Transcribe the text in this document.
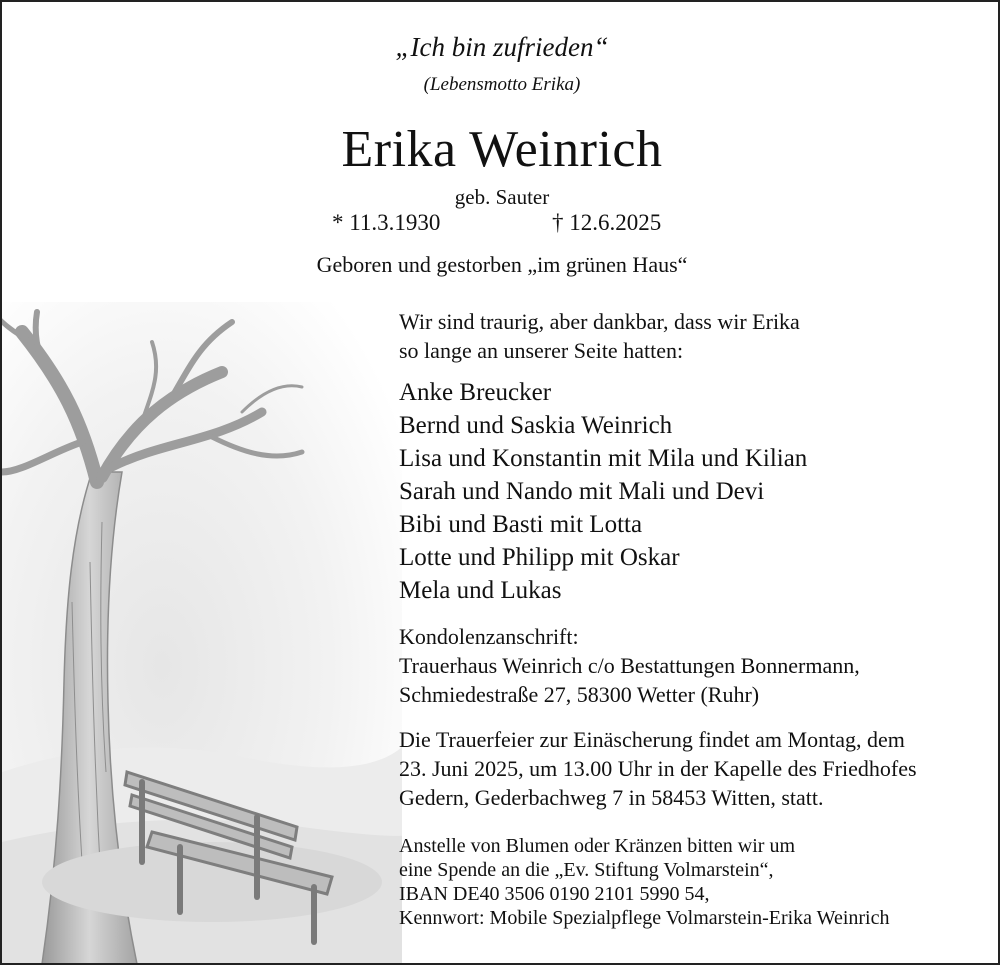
„Ich bin zufrieden“
(Lebensmotto Erika)
Erika Weinrich
geb. Sauter
* 11.3.1930	† 12.6.2025
Geboren und gestorben „im grünen Haus“
Wir sind traurig, aber dankbar, dass wir Erika
so lange an unserer Seite hatten:
Anke Breucker
Bernd und Saskia Weinrich
Lisa und Konstantin mit Mila und Kilian
Sarah und Nando mit Mali und Devi
Bibi und Basti mit Lotta
Lotte und Philipp mit Oskar
Mela und Lukas
Kondolenzanschrift:
Trauerhaus Weinrich c/o Bestattungen Bonnermann,
Schmiedestraße 27, 58300 Wetter (Ruhr)
Die Trauerfeier zur Einäscherung findet am Montag, dem
23. Juni 2025, um 13.00 Uhr in der Kapelle des Friedhofes
Gedern, Gederbachweg 7 in 58453 Witten, statt.
Anstelle von Blumen oder Kränzen bitten wir um
eine Spende an die „Ev. Stiftung Volmarstein“,
IBAN DE40 3506 0190 2101 5990 54,
Kennwort: Mobile Spezialpflege Volmarstein-Erika Weinrich
